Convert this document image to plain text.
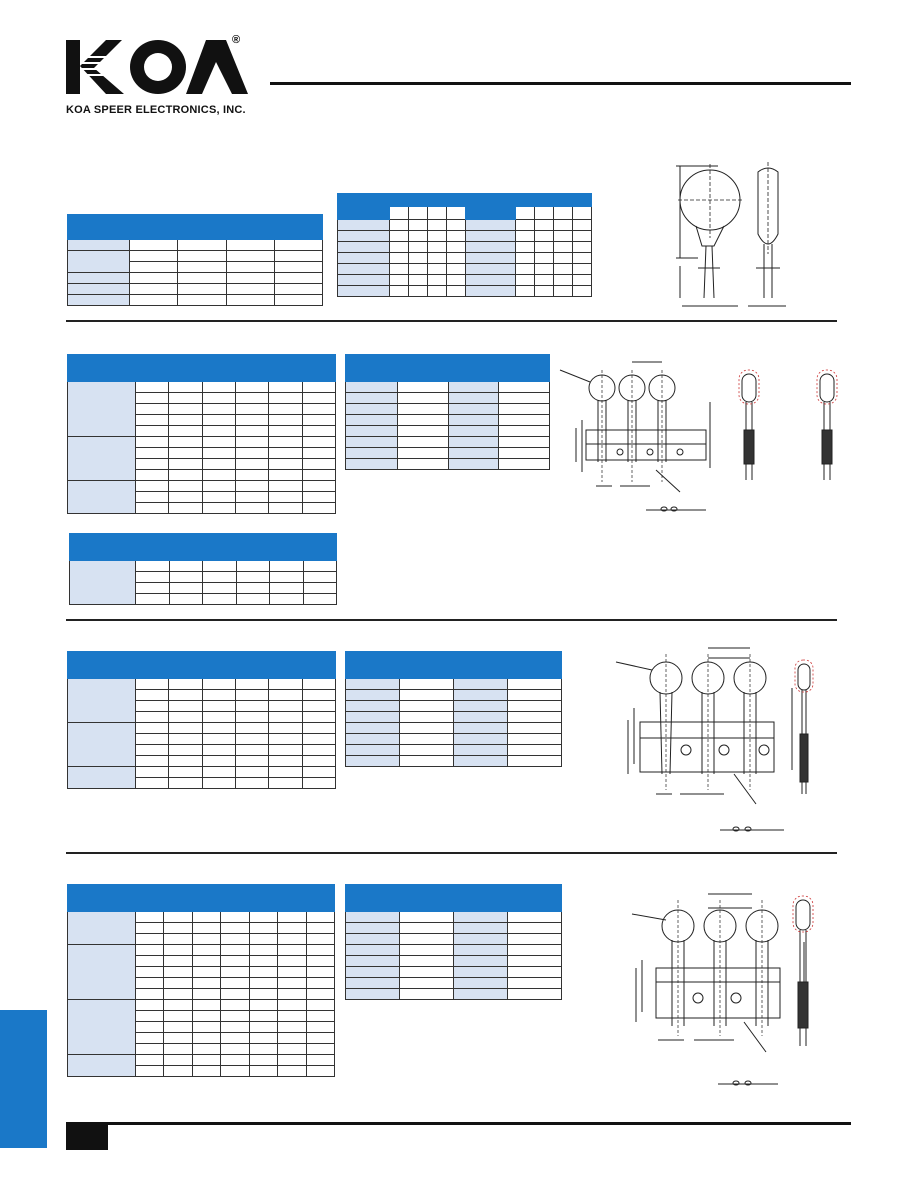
®
KOA SPEER ELECTRONICS, INC.
